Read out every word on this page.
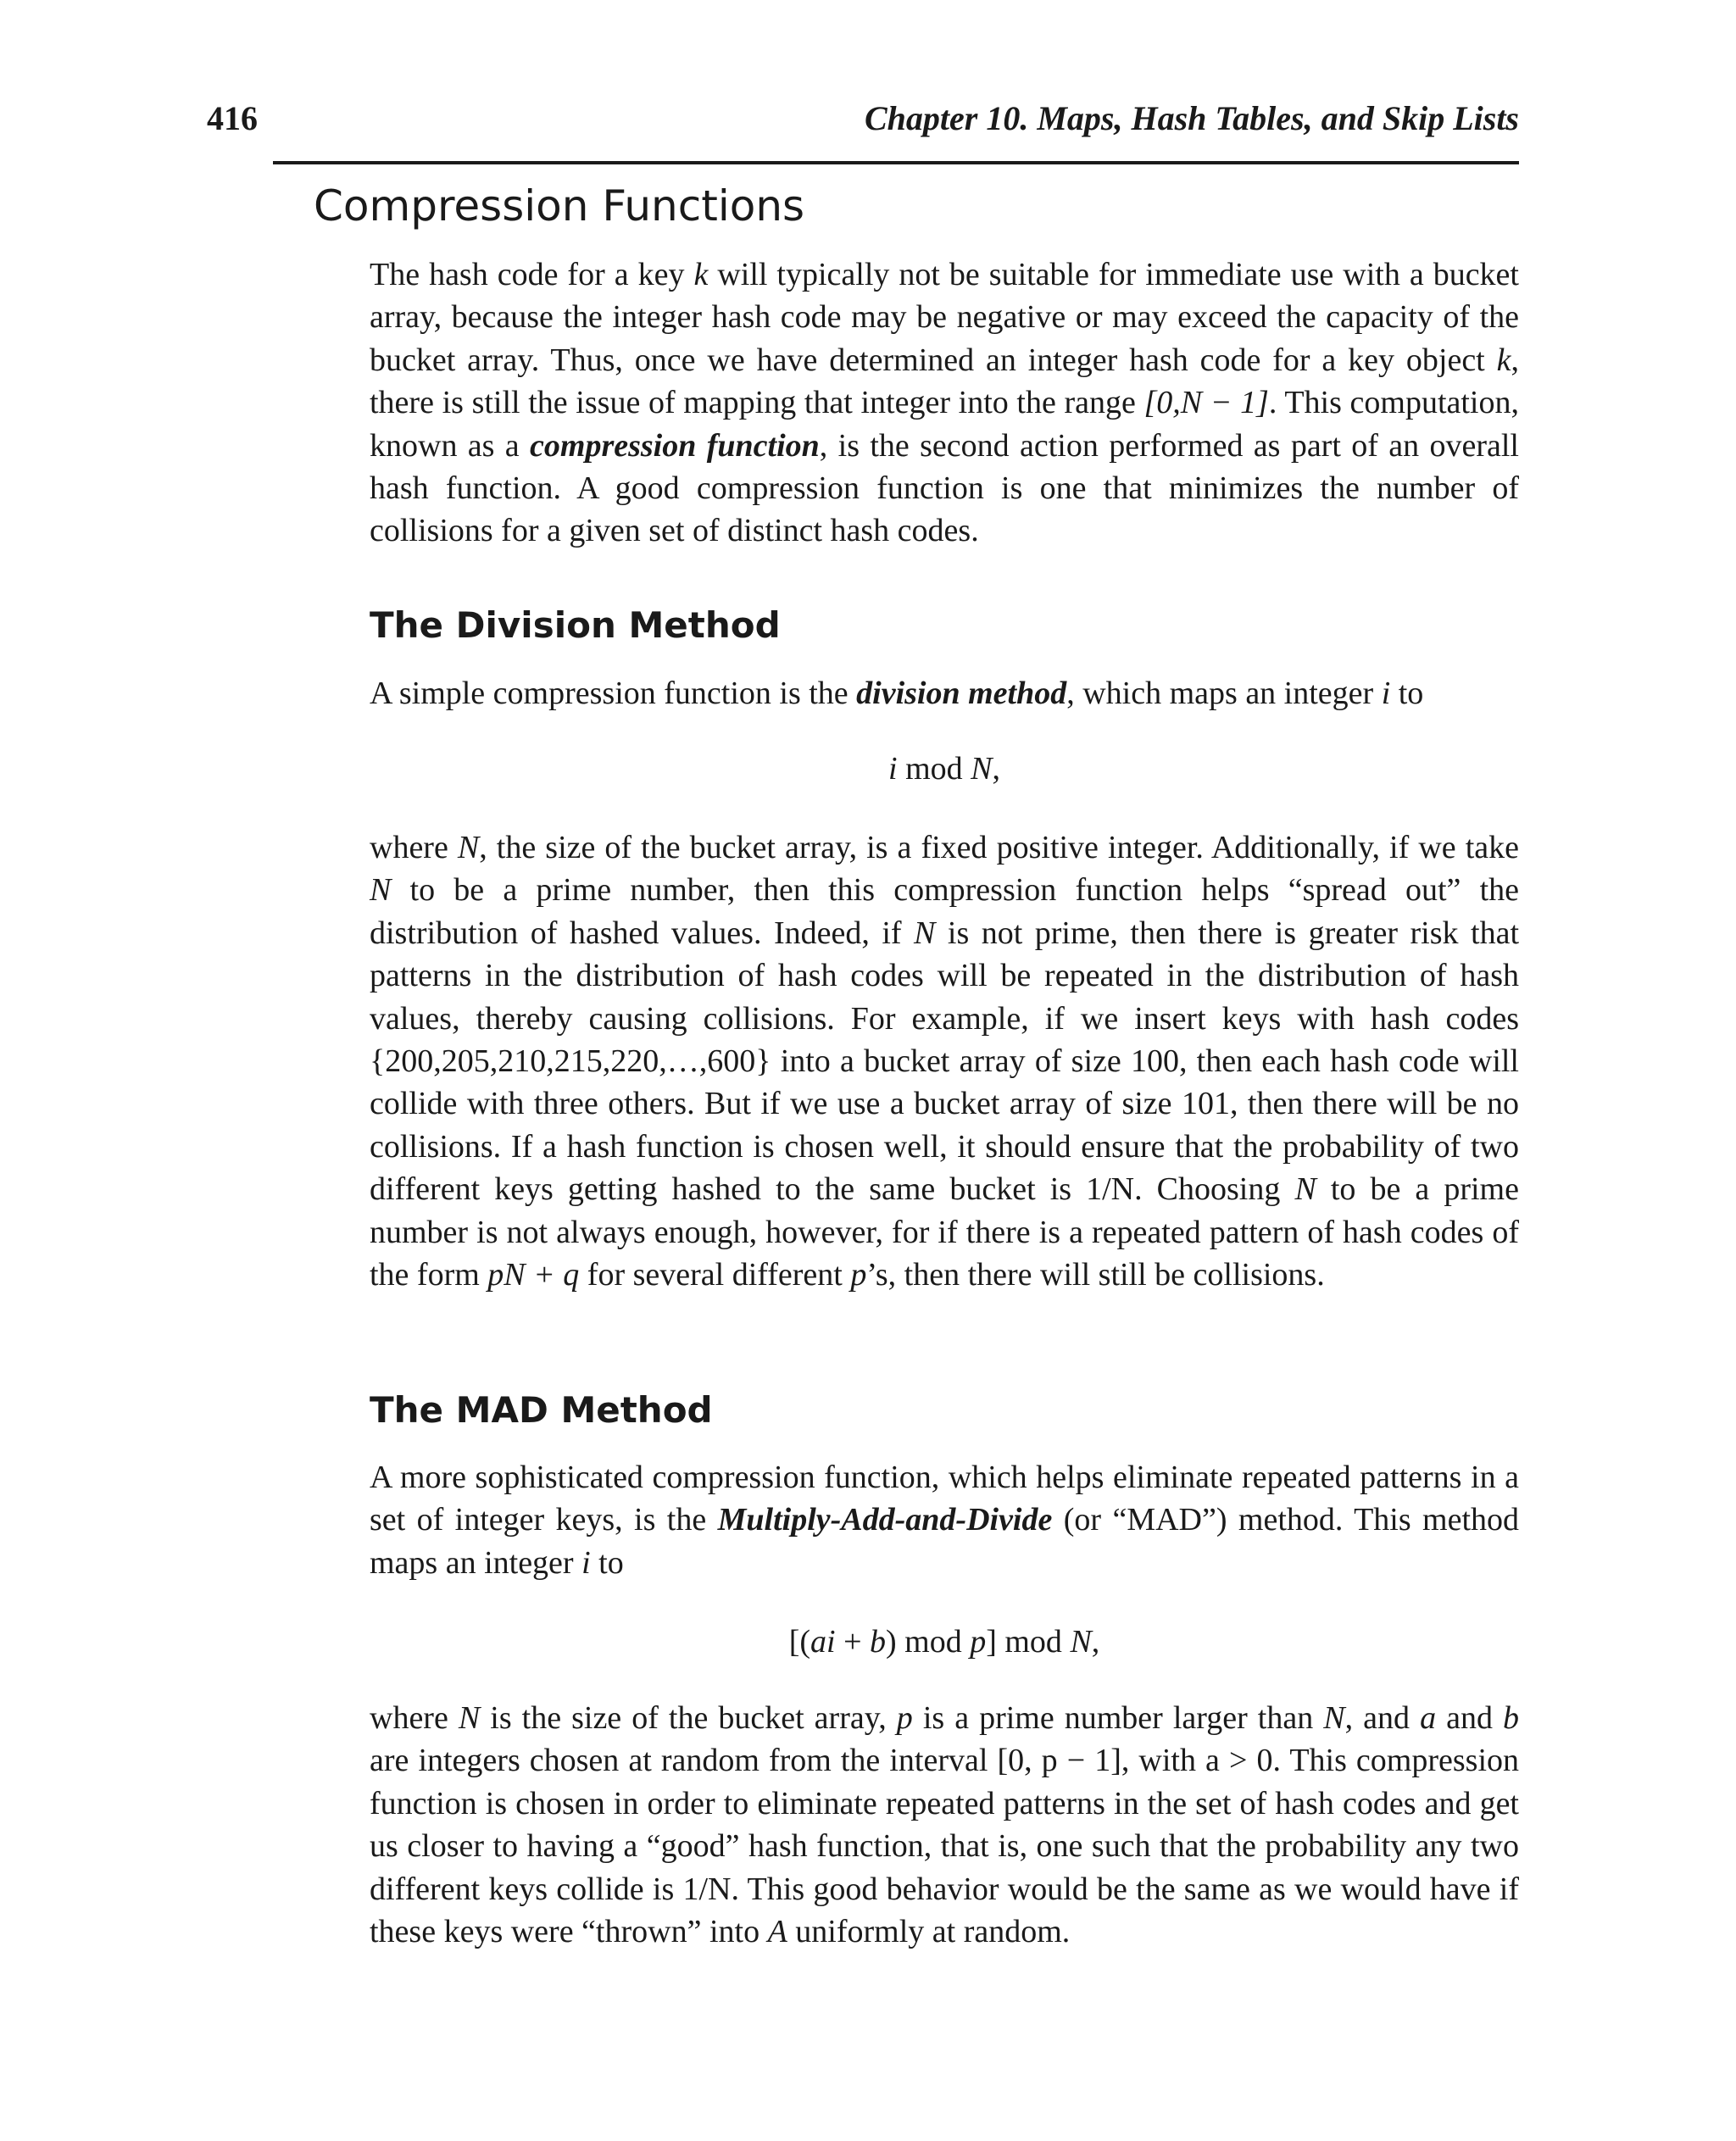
416	Chapter 10. Maps, Hash Tables, and Skip Lists
Compression Functions

The hash code for a key k will typically not be suitable for immediate use with a bucket array, because the integer hash code may be negative or may exceed the capacity of the bucket array. Thus, once we have determined an integer hash code for a key object k, there is still the issue of mapping that integer into the range [0,N − 1]. This computation, known as a compression function, is the second action performed as part of an overall hash function. A good compression function is one that minimizes the number of collisions for a given set of distinct hash codes.

The Division Method

A simple compression function is the division method, which maps an integer i to

i mod N,

where N, the size of the bucket array, is a fixed positive integer. Additionally, if we take N to be a prime number, then this compression function helps “spread out” the distribution of hashed values. Indeed, if N is not prime, then there is greater risk that patterns in the distribution of hash codes will be repeated in the distribution of hash values, thereby causing collisions. For example, if we insert keys with hash codes {200,205,210,215,220,…,600} into a bucket array of size 100, then each hash code will collide with three others. But if we use a bucket array of size 101, then there will be no collisions. If a hash function is chosen well, it should ensure that the probability of two different keys getting hashed to the same bucket is 1/N. Choosing N to be a prime number is not always enough, however, for if there is a repeated pattern of hash codes of the form pN + q for several different p’s, then there will still be collisions.

The MAD Method

A more sophisticated compression function, which helps eliminate repeated patterns in a set of integer keys, is the Multiply-Add-and-Divide (or “MAD”) method. This method maps an integer i to

[(ai + b) mod p] mod N,

where N is the size of the bucket array, p is a prime number larger than N, and a and b are integers chosen at random from the interval [0, p − 1], with a > 0. This compression function is chosen in order to eliminate repeated patterns in the set of hash codes and get us closer to having a “good” hash function, that is, one such that the probability any two different keys collide is 1/N. This good behavior would be the same as we would have if these keys were “thrown” into A uniformly at random.
